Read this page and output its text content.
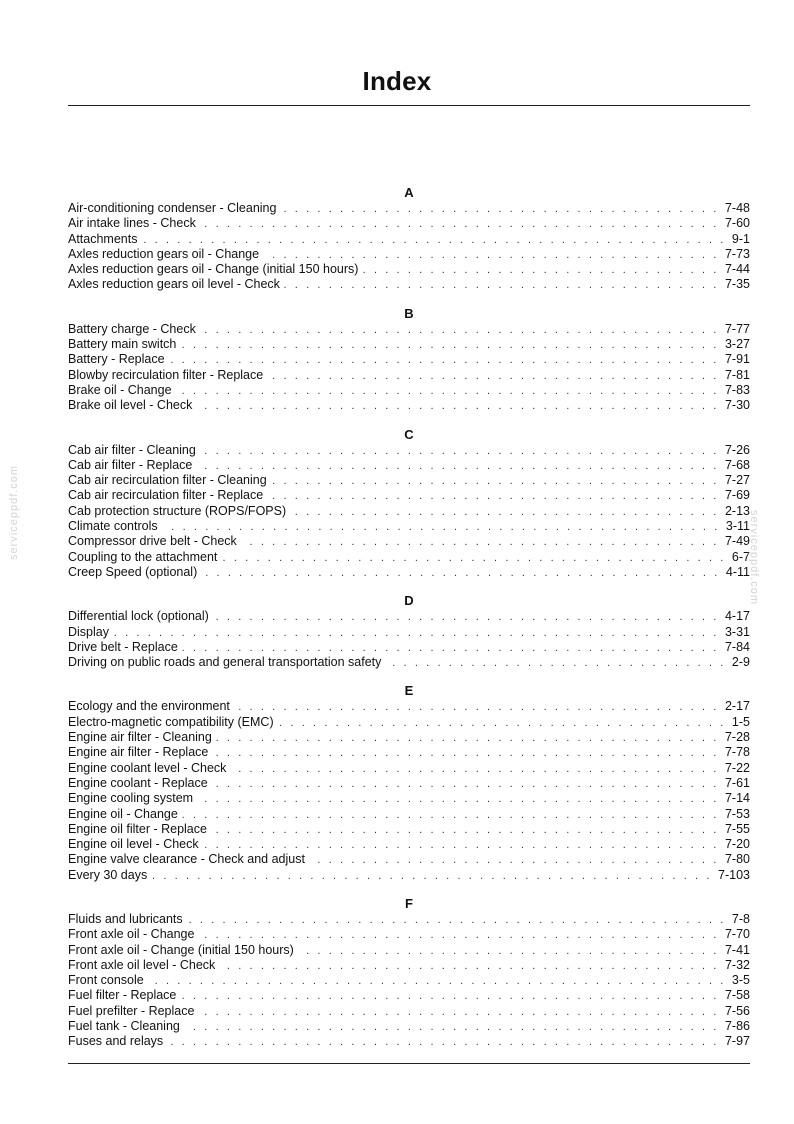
Index
A
Air-conditioning condenser - Cleaning . . .	7-48
Air intake lines - Check . . .	7-60
Attachments . . .	9-1
Axles reduction gears oil - Change . . .	7-73
Axles reduction gears oil - Change (initial 150 hours) . . .	7-44
Axles reduction gears oil level - Check . . .	7-35
B
Battery charge - Check . . .	7-77
Battery main switch . . .	3-27
Battery - Replace . . .	7-91
Blowby recirculation filter - Replace . . .	7-81
Brake oil - Change . . .	7-83
Brake oil level - Check . . .	7-30
C
Cab air filter - Cleaning . . .	7-26
Cab air filter - Replace . . .	7-68
Cab air recirculation filter - Cleaning . . .	7-27
Cab air recirculation filter - Replace . . .	7-69
Cab protection structure (ROPS/FOPS) . . .	2-13
Climate controls . . .	3-11
Compressor drive belt - Check . . .	7-49
Coupling to the attachment . . .	6-7
Creep Speed (optional) . . .	4-11
D
Differential lock (optional) . . .	4-17
Display . . .	3-31
Drive belt - Replace . . .	7-84
Driving on public roads and general transportation safety . . .	2-9
E
Ecology and the environment . . .	2-17
Electro-magnetic compatibility (EMC) . . .	1-5
Engine air filter - Cleaning . . .	7-28
Engine air filter - Replace . . .	7-78
Engine coolant level - Check . . .	7-22
Engine coolant - Replace . . .	7-61
Engine cooling system . . .	7-14
Engine oil - Change . . .	7-53
Engine oil filter - Replace . . .	7-55
Engine oil level - Check . . .	7-20
Engine valve clearance - Check and adjust . . .	7-80
Every 30 days . . .	7-103
F
Fluids and lubricants . . .	7-8
Front axle oil - Change . . .	7-70
Front axle oil - Change (initial 150 hours) . . .	7-41
Front axle oil level - Check . . .	7-32
Front console . . .	3-5
Fuel filter - Replace . . .	7-58
Fuel prefilter - Replace . . .	7-56
Fuel tank - Cleaning . . .	7-86
Fuses and relays . . .	7-97
serviceppdf.com	serviceppdf.com
